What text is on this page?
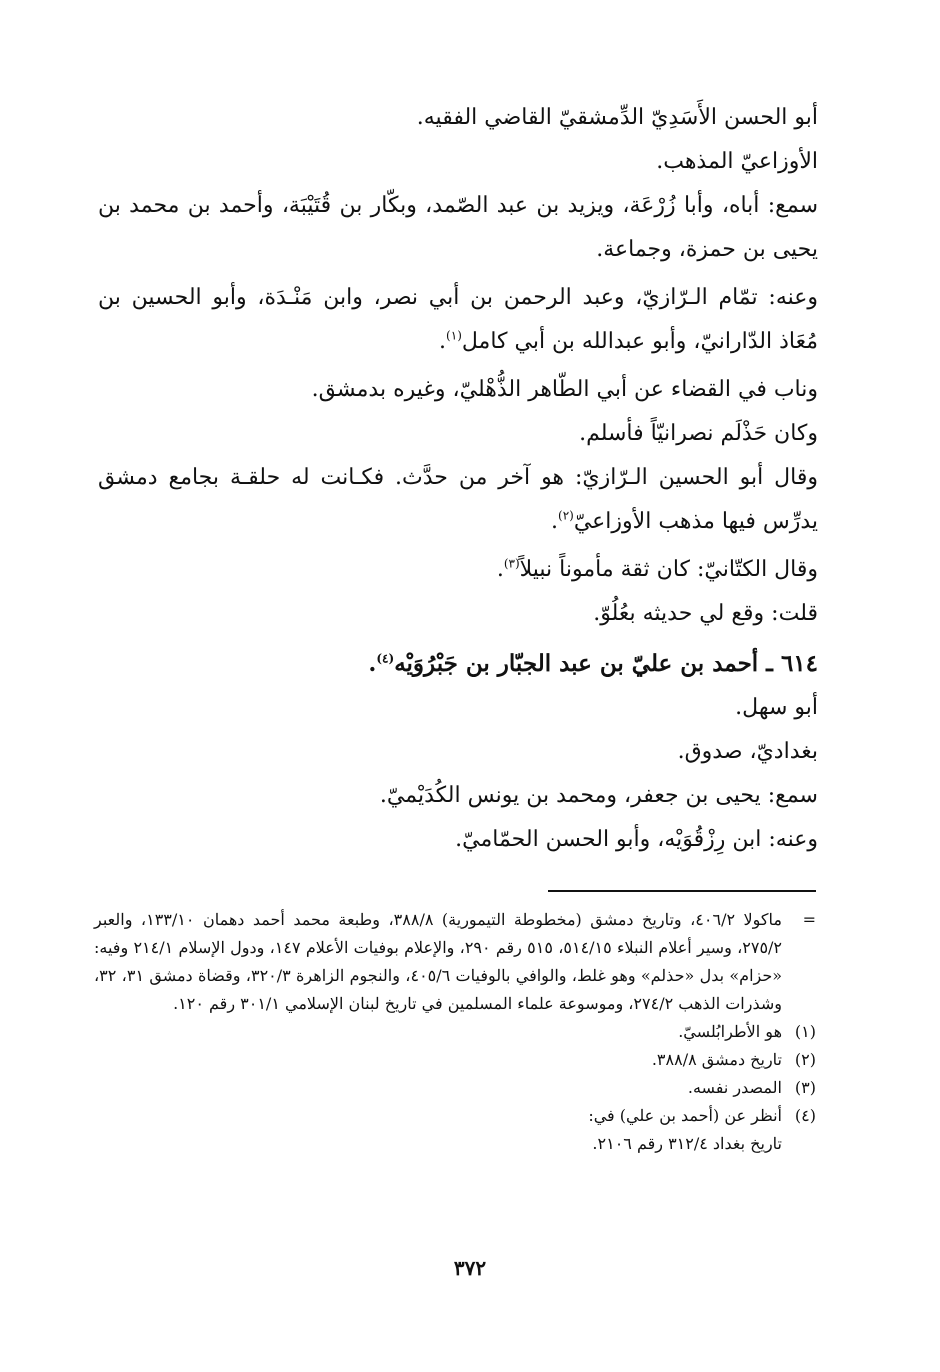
أبو الحسن الأَسَدِيّ الدِّمشقيّ القاضي الفقيه.

الأوزاعيّ المذهب.

سمع: أباه، وأبا زُرْعَة، ويزيد بن عبد الصّمد، وبكّار بن قُتَيْبَة، وأحمد بن محمد بن يحيى بن حمزة، وجماعة.

وعنه: تمّام الـرّازيّ، وعبد الرحمن بن أبي نصر، وابن مَنْـدَة، وأبو الحسين بن مُعَاذ الدّارانيّ، وأبو عبدالله بن أبي كامل$^{(١)}$.

وناب في القضاء عن أبي الطّاهر الذُّهْليّ، وغيره بدمشق.

وكان حَذْلَم نصرانيّاً فأسلم.

وقال أبو الحسين الـرّازيّ: هو آخر من حدَّث. فكـانت له حلقـة بجامع دمشق يدرِّس فيها مذهب الأوزاعيّ$^{(٢)}$.

وقال الكتّانيّ: كان ثقة مأموناً نبيلاً$^{(٣)}$.

قلت: وقع لي حديثه بعُلُوّ.

٦١٤ ـ أحمد بن عليّ بن عبد الجبّار بن جَبْرُوَيْه$^{(٤)}$.

أبو سهل.

بغداديّ، صدوق.

سمع: يحيى بن جعفر، ومحمد بن يونس الكُدَيْميّ.

وعنه: ابن رِزْقُوَيْه، وأبو الحسن الحمّاميّ.

=

ماكولا ٤٠٦/٢، وتاريخ دمشق (مخطوطة التيمورية) ٣٨٨/٨، وطبعة محمد أحمد دهمان ١٣٣/١٠، والعبر ٢٧٥/٢، وسير أعلام النبلاء ٥١٤/١٥، ٥١٥ رقم ٢٩٠، والإعلام بوفيات الأعلام ١٤٧، ودول الإسلام ٢١٤/١ وفيه: «حزام» بدل «حذلم» وهو غلط، والوافي بالوفيات ٤٠٥/٦، والنجوم الزاهرة ٣٢٠/٣، وقضاة دمشق ٣١، ٣٢، وشذرات الذهب ٢٧٤/٢، وموسوعة علماء المسلمين في تاريخ لبنان الإسلامي ٣٠١/١ رقم ١٢٠.

(١)

هو الأطرابُلسيّ.

(٢)

تاريخ دمشق ٣٨٨/٨.

(٣)

المصدر نفسه.

(٤)

أنظر عن (أحمد بن علي) في:

تاريخ بغداد ٣١٢/٤ رقم ٢١٠٦.

٣٧٢
